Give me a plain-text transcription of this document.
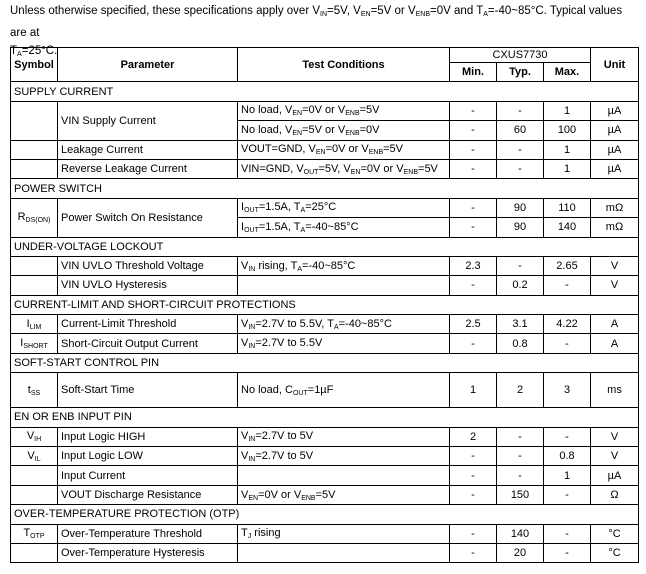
Unless otherwise specified, these specifications apply over $V_{IN}=5V$, $V_{EN}=5V$ or $V_{ENB}=0V$ and $T_A=-40\sim 85^\circ C$. Typical values are at
$T_A=25^\circ C$.
Symbol	Parameter	Test Conditions	CXUS7730			Unit
			Min.	Typ.	Max.	
SUPPLY CURRENT						
	VIN Supply Current	No load, VEN=0V or VENB=5V	-	-	1	µA
		No load, VEN=5V or VENB=0V	-	60	100	µA
	Leakage Current	VOUT=GND, VEN=0V or VENB=5V	-	-	1	µA
	Reverse Leakage Current	VIN=GND, VOUT=5V, VEN=0V or VENB=5V	-	-	1	µA
POWER SWITCH						
RDS(ON)	Power Switch On Resistance	IOUT=1.5A, TA=25°C	-	90	110	mΩ
		IOUT=1.5A, TA=-40~85°C	-	90	140	mΩ
UNDER-VOLTAGE LOCKOUT						
	VIN UVLO Threshold Voltage	VIN rising, TA=-40~85°C	2.3	-	2.65	V
	VIN UVLO Hysteresis		-	0.2	-	V
CURRENT-LIMIT AND SHORT-CIRCUIT PROTECTIONS						
ILIM	Current-Limit Threshold	VIN=2.7V to 5.5V, TA=-40~85°C	2.5	3.1	4.22	A
ISHORT	Short-Circuit Output Current	VIN=2.7V to 5.5V	-	0.8	-	A
SOFT-START CONTROL PIN						
tSS	Soft-Start Time	No load, COUT=1µF	1	2	3	ms
EN OR ENB INPUT PIN						
VIH	Input Logic HIGH	VIN=2.7V to 5V	2	-	-	V
VIL	Input Logic LOW	VIN=2.7V to 5V	-	-	0.8	V
	Input Current		-	-	1	µA
	VOUT Discharge Resistance	VEN=0V or VENB=5V	-	150	-	Ω
OVER-TEMPERATURE PROTECTION (OTP)						
TOTP	Over-Temperature Threshold	TJ rising	-	140	-	°C
	Over-Temperature Hysteresis		-	20	-	°C
